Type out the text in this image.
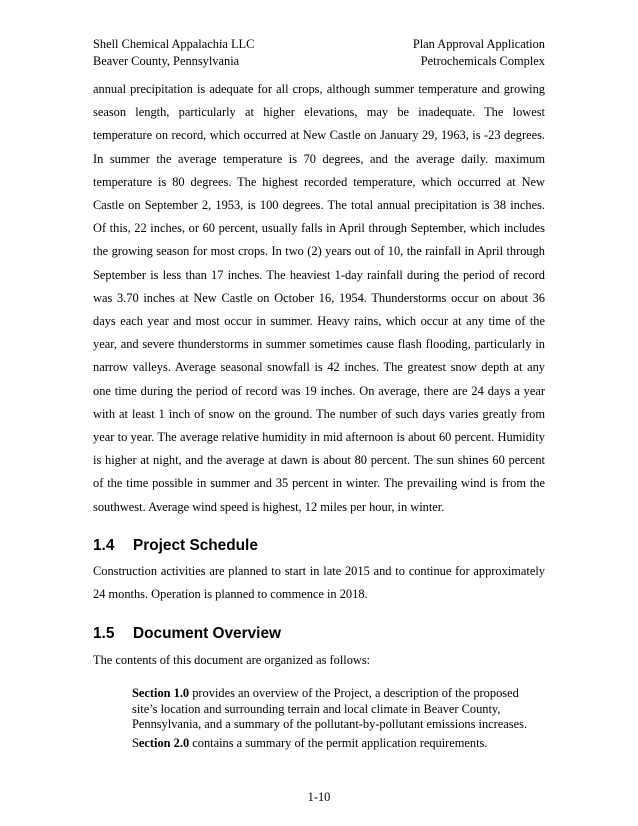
Shell Chemical Appalachia LLC
Beaver County, Pennsylvania
Plan Approval Application
Petrochemicals Complex

annual precipitation is adequate for all crops, although summer temperature and growing season length, particularly at higher elevations, may be inadequate. The lowest temperature on record, which occurred at New Castle on January 29, 1963, is -23 degrees. In summer the average temperature is 70 degrees, and the average daily. maximum temperature is 80 degrees. The highest recorded temperature, which occurred at New Castle on September 2, 1953, is 100 degrees. The total annual precipitation is 38 inches. Of this, 22 inches, or 60 percent, usually falls in April through September, which includes the growing season for most crops. In two (2) years out of 10, the rainfall in April through September is less than 17 inches. The heaviest 1-day rainfall during the period of record was 3.70 inches at New Castle on October 16, 1954. Thunderstorms occur on about 36 days each year and most occur in summer. Heavy rains, which occur at any time of the year, and severe thunderstorms in summer sometimes cause flash flooding, particularly in narrow valleys. Average seasonal snowfall is 42 inches. The greatest snow depth at any one time during the period of record was 19 inches. On average, there are 24 days a year with at least 1 inch of snow on the ground. The number of such days varies greatly from year to year. The average relative humidity in mid afternoon is about 60 percent. Humidity is higher at night, and the average at dawn is about 80 percent. The sun shines 60 percent of the time possible in summer and 35 percent in winter. The prevailing wind is from the southwest. Average wind speed is highest, 12 miles per hour, in winter.

1.4 Project Schedule

Construction activities are planned to start in late 2015 and to continue for approximately 24 months. Operation is planned to commence in 2018.

1.5 Document Overview

The contents of this document are organized as follows:

Section 1.0 provides an overview of the Project, a description of the proposed site’s location and surrounding terrain and local climate in Beaver County, Pennsylvania, and a summary of the pollutant-by-pollutant emissions increases.

Section 2.0 contains a summary of the permit application requirements.

1-10
